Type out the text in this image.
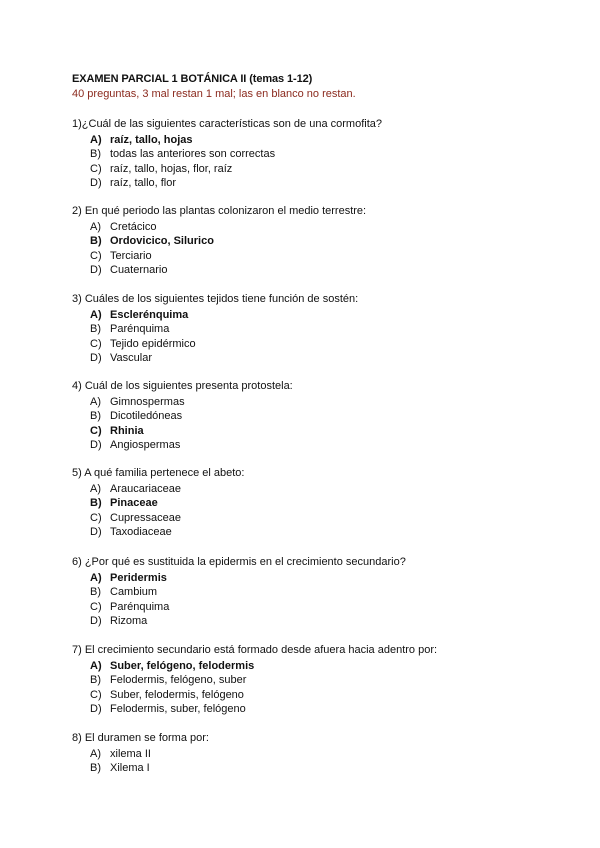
EXAMEN PARCIAL 1 BOTÁNICA II (temas 1-12)
40 preguntas, 3 mal restan 1 mal; las en blanco no restan.
1)¿Cuál de las siguientes características son de una cormofita?
A) raíz, tallo, hojas
B) todas las anteriores son correctas
C) raíz, tallo, hojas, flor, raíz
D) raíz, tallo, flor
2) En qué periodo las plantas colonizaron el medio terrestre:
A) Cretácico
B) Ordovicico, Silurico
C) Terciario
D) Cuaternario
3) Cuáles de los siguientes tejidos tiene función de sostén:
A) Esclerénquima
B) Parénquima
C) Tejido epidérmico
D) Vascular
4) Cuál de los siguientes presenta protostela:
A) Gimnospermas
B) Dicotiledóneas
C) Rhinia
D) Angiospermas
5) A qué familia pertenece el abeto:
A) Araucariaceae
B) Pinaceae
C) Cupressaceae
D) Taxodiaceae
6) ¿Por qué es sustituida la epidermis en el crecimiento secundario?
A) Peridermis
B) Cambium
C) Parénquima
D) Rizoma
7) El crecimiento secundario está formado desde afuera hacia adentro por:
A) Suber, felógeno, felodermis
B) Felodermis, felógeno, suber
C) Suber, felodermis, felógeno
D) Felodermis, suber, felógeno
8) El duramen se forma por:
A) xilema II
B) Xilema I
